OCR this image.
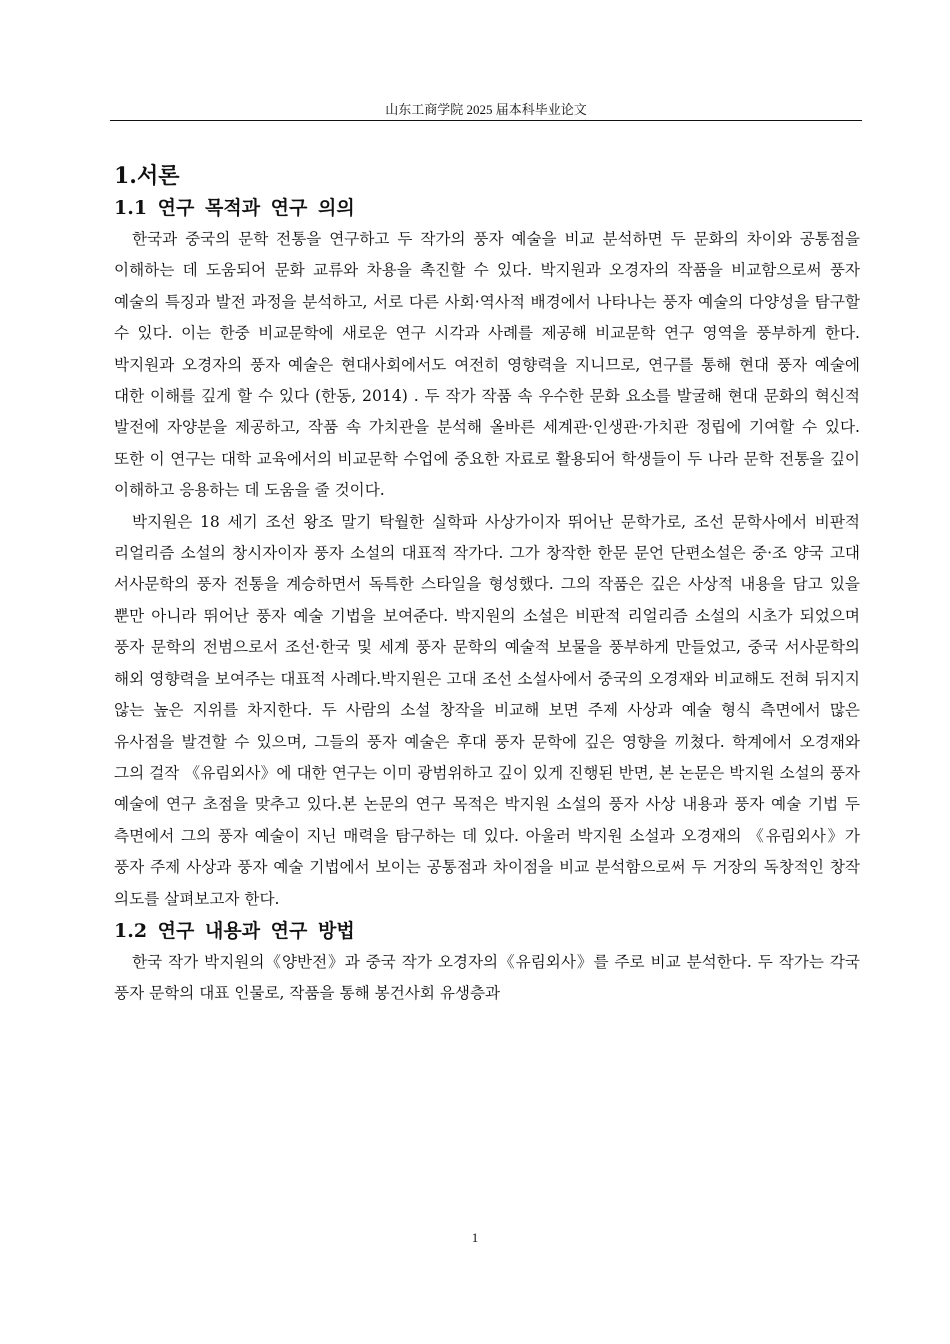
山东工商学院 2025 届本科毕业论文
1.서론
1.1 연구 목적과 연구 의의

한국과 중국의 문학 전통을 연구하고 두 작가의 풍자 예술을 비교 분석하면 두 문화의 차이와 공통점을 이해하는 데 도움되어 문화 교류와 차용을 촉진할 수 있다. 박지원과 오경자의 작품을 비교함으로써 풍자 예술의 특징과 발전 과정을 분석하고, 서로 다른 사회·역사적 배경에서 나타나는 풍자 예술의 다양성을 탐구할 수 있다. 이는 한중 비교문학에 새로운 연구 시각과 사례를 제공해 비교문학 연구 영역을 풍부하게 한다. 박지원과 오경자의 풍자 예술은 현대사회에서도 여전히 영향력을 지니므로, 연구를 통해 현대 풍자 예술에 대한 이해를 깊게 할 수 있다 (한동, 2014) . 두 작가 작품 속 우수한 문화 요소를 발굴해 현대 문화의 혁신적 발전에 자양분을 제공하고, 작품 속 가치관을 분석해 올바른 세계관·인생관·가치관 정립에 기여할 수 있다. 또한 이 연구는 대학 교육에서의 비교문학 수업에 중요한 자료로 활용되어 학생들이 두 나라 문학 전통을 깊이 이해하고 응용하는 데 도움을 줄 것이다.

박지원은 18 세기 조선 왕조 말기 탁월한 실학파 사상가이자 뛰어난 문학가로, 조선 문학사에서 비판적 리얼리즘 소설의 창시자이자 풍자 소설의 대표적 작가다. 그가 창작한 한문 문언 단편소설은 중·조 양국 고대 서사문학의 풍자 전통을 계승하면서 독특한 스타일을 형성했다. 그의 작품은 깊은 사상적 내용을 담고 있을 뿐만 아니라 뛰어난 풍자 예술 기법을 보여준다. 박지원의 소설은 비판적 리얼리즘 소설의 시초가 되었으며 풍자 문학의 전범으로서 조선·한국 및 세계 풍자 문학의 예술적 보물을 풍부하게 만들었고, 중국 서사문학의 해외 영향력을 보여주는 대표적 사례다.박지원은 고대 조선 소설사에서 중국의 오경재와 비교해도 전혀 뒤지지 않는 높은 지위를 차지한다. 두 사람의 소설 창작을 비교해 보면 주제 사상과 예술 형식 측면에서 많은 유사점을 발견할 수 있으며, 그들의 풍자 예술은 후대 풍자 문학에 깊은 영향을 끼쳤다. 학계에서 오경재와 그의 걸작 《유림외사》에 대한 연구는 이미 광범위하고 깊이 있게 진행된 반면, 본 논문은 박지원 소설의 풍자 예술에 연구 초점을 맞추고 있다.본 논문의 연구 목적은 박지원 소설의 풍자 사상 내용과 풍자 예술 기법 두 측면에서 그의 풍자 예술이 지닌 매력을 탐구하는 데 있다. 아울러 박지원 소설과 오경재의 《유림외사》가 풍자 주제 사상과 풍자 예술 기법에서 보이는 공통점과 차이점을 비교 분석함으로써 두 거장의 독창적인 창작 의도를 살펴보고자 한다.

1.2 연구 내용과 연구 방법

한국 작가 박지원의《양반전》과 중국 작가 오경자의《유림외사》를 주로 비교 분석한다. 두 작가는 각국 풍자 문학의 대표 인물로, 작품을 통해 봉건사회 유생층과

1
